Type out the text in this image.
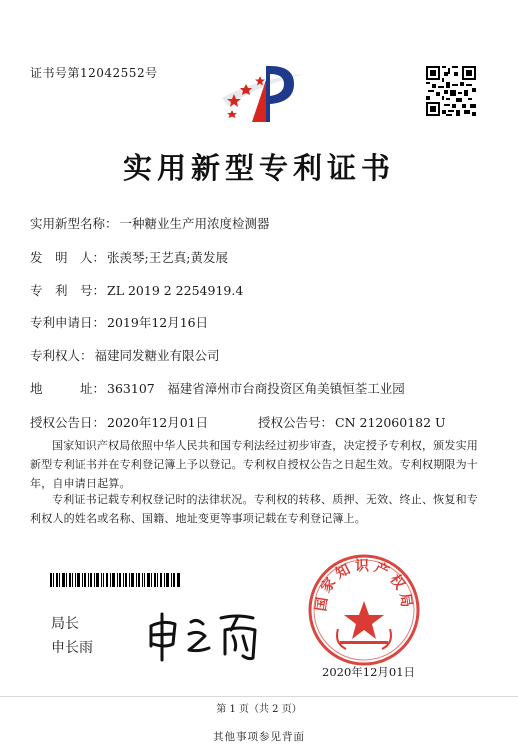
证书号第12042552号
实用新型专利证书
实用新型名称： 一种糖业生产用浓度检测器
发　明　人： 张羡琴;王艺真;黄发展
专　利　号： ZL 2019 2 2254919.4
专利申请日： 2019年12月16日
专利权人： 福建同发糖业有限公司
地　　　址： 363107　福建省漳州市台商投资区角美镇恒荃工业园
授权公告日： 2020年12月01日	授权公告号： CN 212060182 U
国家知识产权局依照中华人民共和国专利法经过初步审查，决定授予专利权，颁发实用新型专利证书并在专利登记簿上予以登记。专利权自授权公告之日起生效。专利权期限为十年，自申请日起算。
专利证书记载专利权登记时的法律状况。专利权的转移、质押、无效、终止、恢复和专利权人的姓名或名称、国籍、地址变更等事项记载在专利登记簿上。
局长
申长雨
国家知识产权局
2020年12月01日
第 1 页（共 2 页）
其他事项参见背面
